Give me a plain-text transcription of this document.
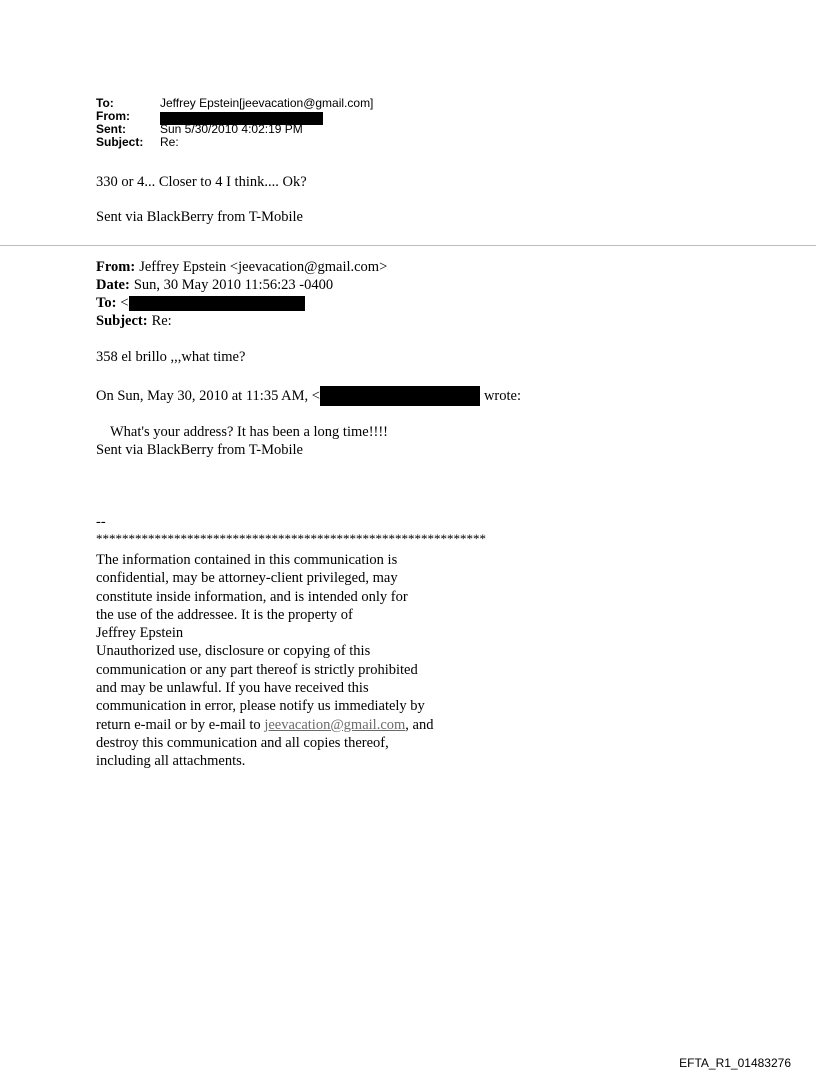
To:	Jeffrey Epstein[jeevacation@gmail.com]
From:
Sent:	Sun 5/30/2010 4:02:19 PM
Subject:	Re:
330 or 4... Closer to 4 I think.... Ok?
Sent via BlackBerry from T-Mobile
From: Jeffrey Epstein <jeevacation@gmail.com>
Date: Sun, 30 May 2010 11:56:23 -0400
To: <
Subject: Re:
358 el brillo ,,,what time?
On Sun, May 30, 2010 at 11:35 AM, <	wrote:
What's your address? It has been a long time!!!!
Sent via BlackBerry from T-Mobile
--
************************************************************
The information contained in this communication is
confidential, may be attorney-client privileged, may
constitute inside information, and is intended only for
the use of the addressee. It is the property of
Jeffrey Epstein
Unauthorized use, disclosure or copying of this
communication or any part thereof is strictly prohibited
and may be unlawful. If you have received this
communication in error, please notify us immediately by
return e-mail or by e-mail to jeevacation@gmail.com, and
destroy this communication and all copies thereof,
including all attachments.
EFTA_R1_01483276
